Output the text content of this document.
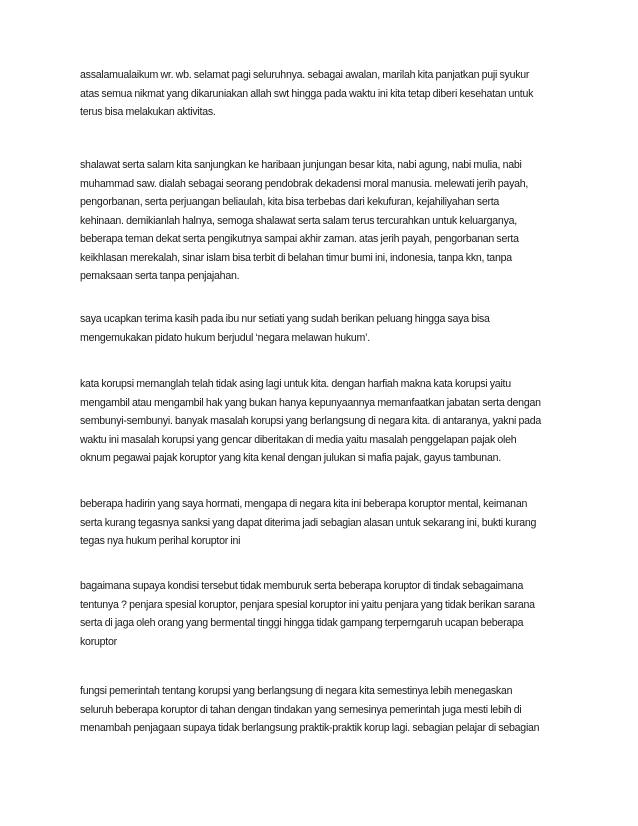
assalamualaikum wr. wb. selamat pagi seluruhnya. sebagai awalan, marilah kita panjatkan puji syukur
atas semua nikmat yang dikaruniakan allah swt hingga pada waktu ini kita tetap diberi kesehatan untuk
terus bisa melakukan aktivitas.

shalawat serta salam kita sanjungkan ke haribaan junjungan besar kita, nabi agung, nabi mulia, nabi
muhammad saw. dialah sebagai seorang pendobrak dekadensi moral manusia. melewati jerih payah,
pengorbanan, serta perjuangan beliaulah, kita bisa terbebas dari kekufuran, kejahiliyahan serta
kehinaan. demikianlah halnya, semoga shalawat serta salam terus tercurahkan untuk keluarganya,
beberapa teman dekat serta pengikutnya sampai akhir zaman. atas jerih payah, pengorbanan serta
keikhlasan merekalah, sinar islam bisa terbit di belahan timur bumi ini, indonesia, tanpa kkn, tanpa
pemaksaan serta tanpa penjajahan.

saya ucapkan terima kasih pada ibu nur setiati yang sudah berikan peluang hingga saya bisa
mengemukakan pidato hukum berjudul ‘negara melawan hukum’.

kata korupsi memanglah telah tidak asing lagi untuk kita. dengan harfiah makna kata korupsi yaitu
mengambil atau mengambil hak yang bukan hanya kepunyaannya memanfaatkan jabatan serta dengan
sembunyi-sembunyi. banyak masalah korupsi yang berlangsung di negara kita. di antaranya, yakni pada
waktu ini masalah korupsi yang gencar diberitakan di media yaitu masalah penggelapan pajak oleh
oknum pegawai pajak koruptor yang kita kenal dengan julukan si mafia pajak, gayus tambunan.

beberapa hadirin yang saya hormati, mengapa di negara kita ini beberapa koruptor mental, keimanan
serta kurang tegasnya sanksi yang dapat diterima jadi sebagian alasan untuk sekarang ini, bukti kurang
tegas nya hukum perihal koruptor ini

bagaimana supaya kondisi tersebut tidak memburuk serta beberapa koruptor di tindak sebagaimana
tentunya ? penjara spesial koruptor, penjara spesial koruptor ini yaitu penjara yang tidak berikan sarana
serta di jaga oleh orang yang bermental tinggi hingga tidak gampang terperngaruh ucapan beberapa
koruptor

fungsi pemerintah tentang korupsi yang berlangsung di negara kita semestinya lebih menegaskan
seluruh beberapa koruptor di tahan dengan tindakan yang semesinya pemerintah juga mesti lebih di
menambah penjagaan supaya tidak berlangsung praktik-praktik korup lagi. sebagian pelajar di sebagian
